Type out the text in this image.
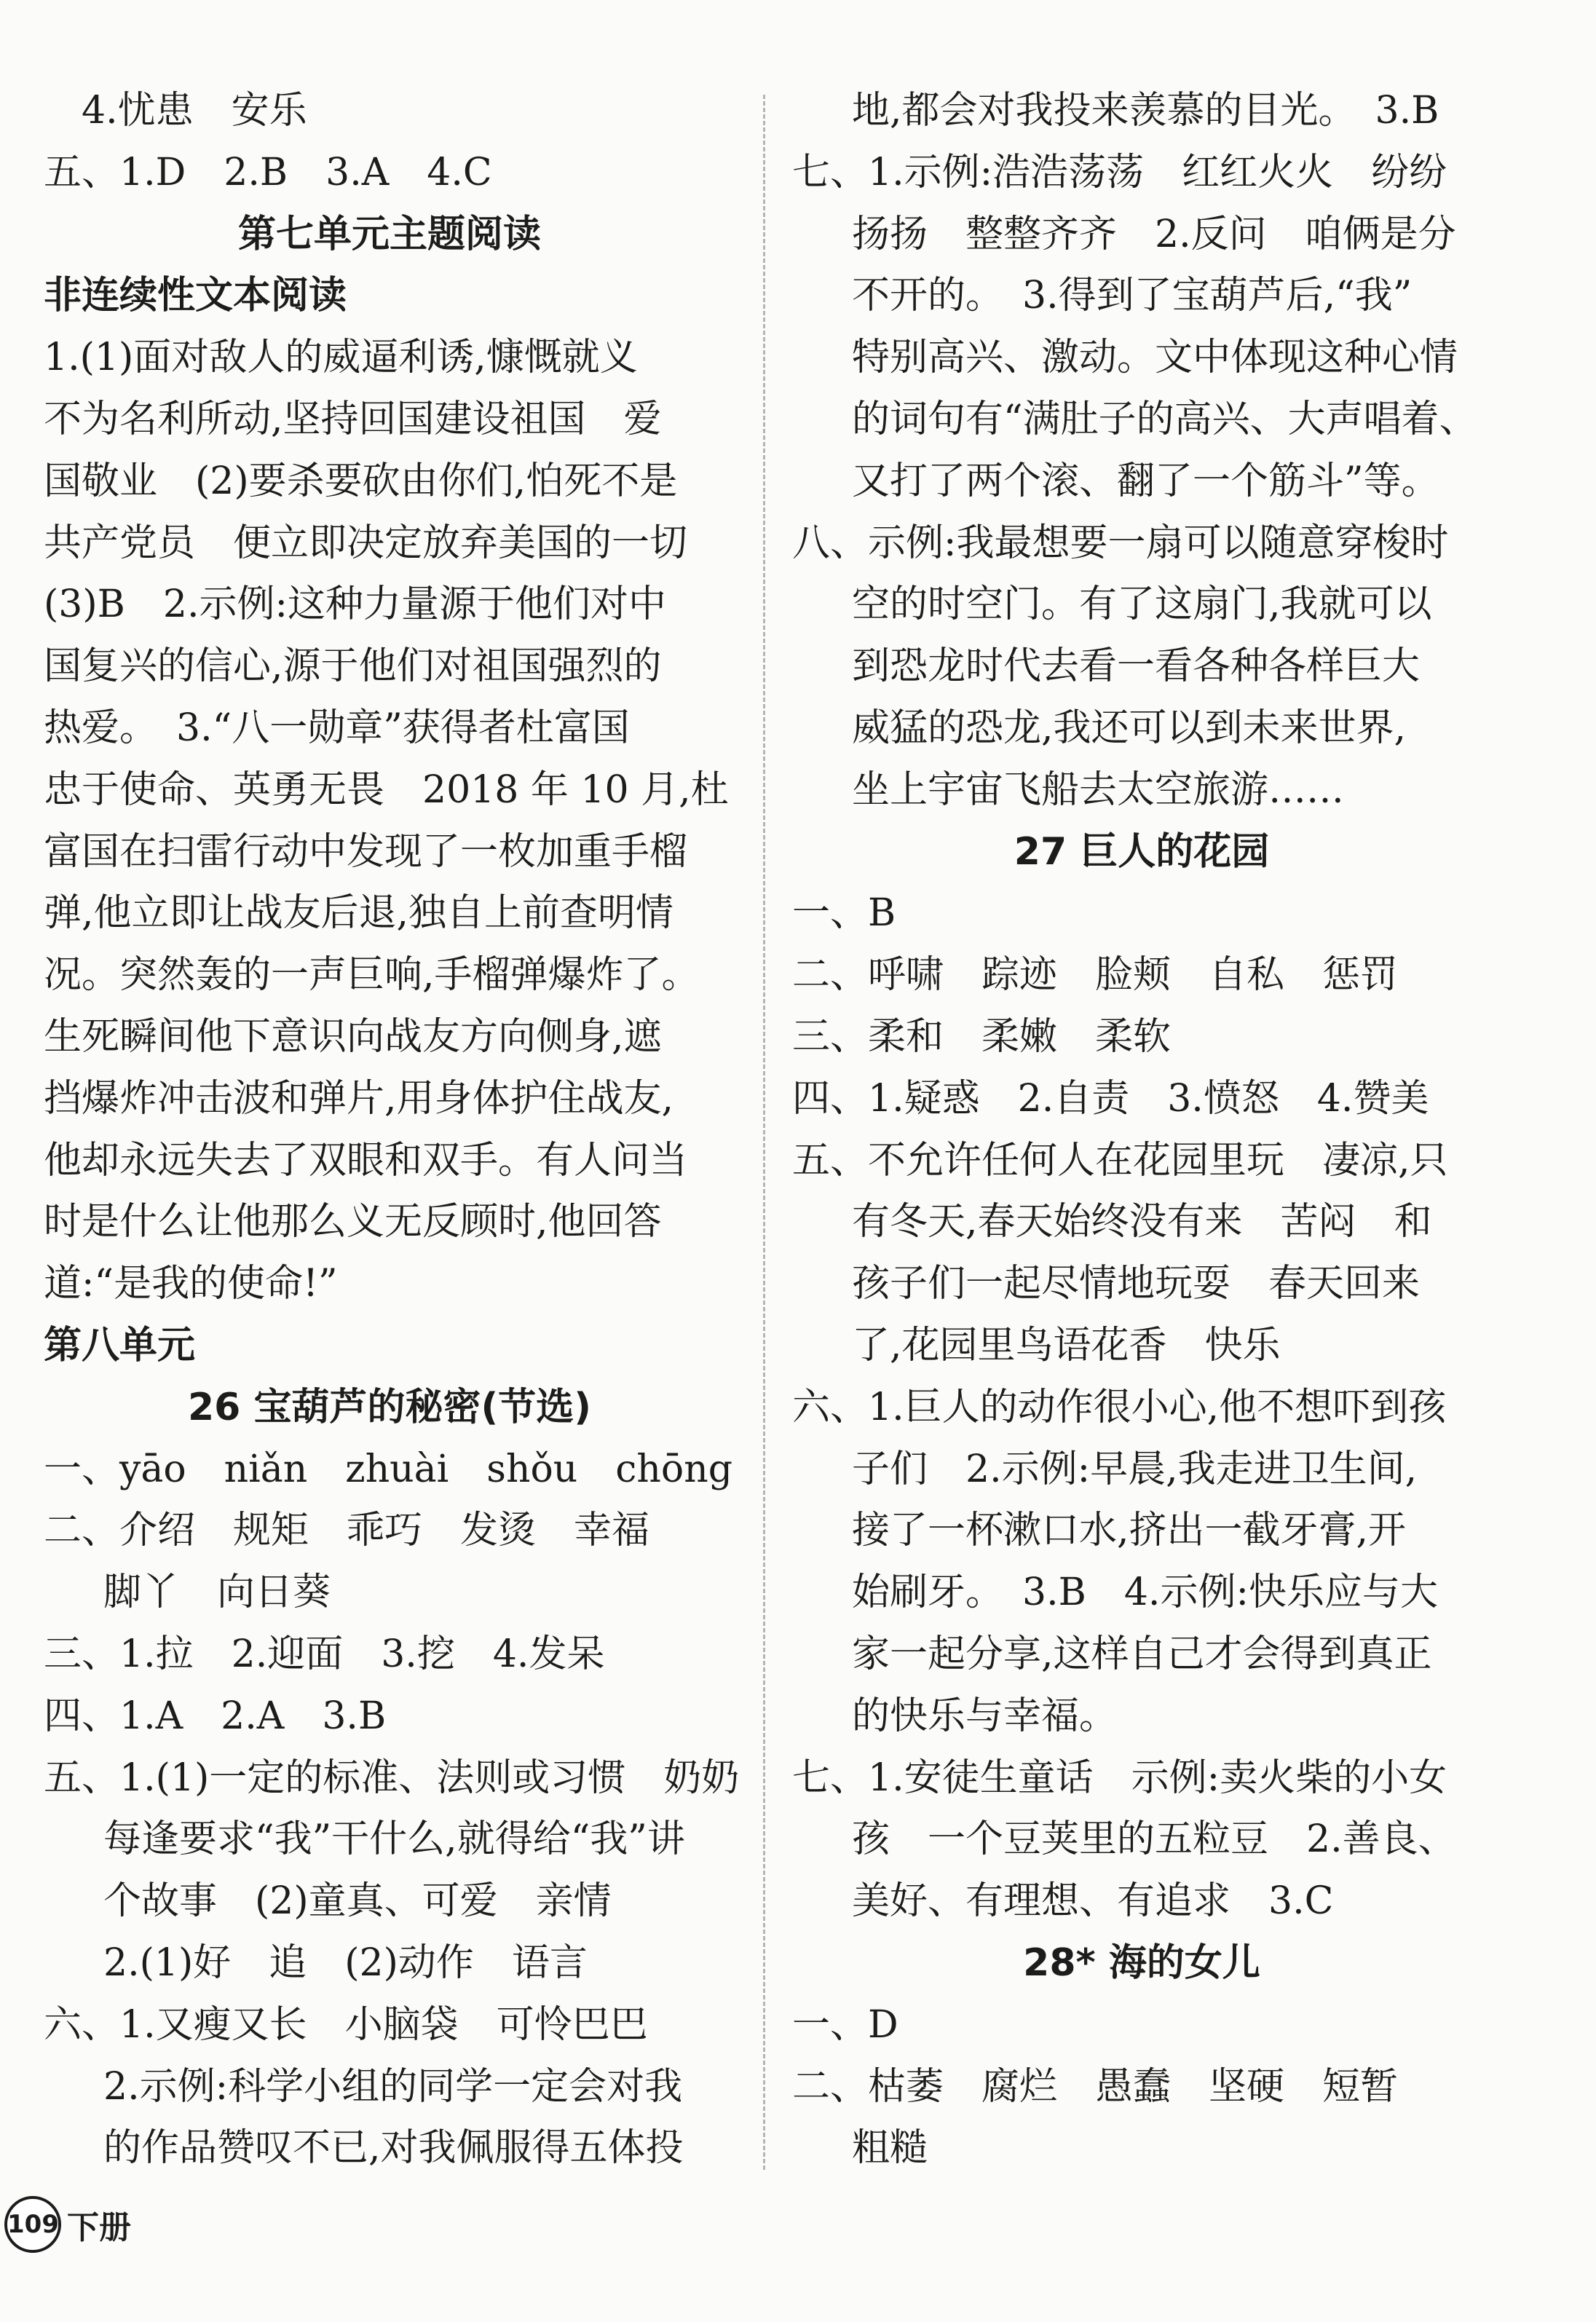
　4.忧患　安乐
五、1.D　2.B　3.A　4.C
第七单元主题阅读
非连续性文本阅读
1.(1)面对敌人的威逼利诱,慷慨就义
不为名利所动,坚持回国建设祖国　爱
国敬业　(2)要杀要砍由你们,怕死不是
共产党员　便立即决定放弃美国的一切
(3)B　2.示例:这种力量源于他们对中
国复兴的信心,源于他们对祖国强烈的
热爱。　3.“八一勋章”获得者杜富国
忠于使命、英勇无畏　2018 年 10 月,杜
富国在扫雷行动中发现了一枚加重手榴
弹,他立即让战友后退,独自上前查明情
况。突然轰的一声巨响,手榴弹爆炸了。
生死瞬间他下意识向战友方向侧身,遮
挡爆炸冲击波和弹片,用身体护住战友,
他却永远失去了双眼和双手。有人问当
时是什么让他那么义无反顾时,他回答
道:“是我的使命!”
第八单元
26 宝葫芦的秘密(节选)
一、yāo　niǎn　zhuài　shǒu　chōng
二、介绍　规矩　乖巧　发烫　幸福
脚丫　向日葵
三、1.拉　2.迎面　3.挖　4.发呆
四、1.A　2.A　3.B
五、1.(1)一定的标准、法则或习惯　奶奶
每逢要求“我”干什么,就得给“我”讲
个故事　(2)童真、可爱　亲情
2.(1)好　追　(2)动作　语言
六、1.又瘦又长　小脑袋　可怜巴巴
2.示例:科学小组的同学一定会对我
的作品赞叹不已,对我佩服得五体投
地,都会对我投来羡慕的目光。　3.B
七、1.示例:浩浩荡荡　红红火火　纷纷
扬扬　整整齐齐　2.反问　咱俩是分
不开的。　3.得到了宝葫芦后,“我”
特别高兴、激动。文中体现这种心情
的词句有“满肚子的高兴、大声唱着、
又打了两个滚、翻了一个筋斗”等。
八、示例:我最想要一扇可以随意穿梭时
空的时空门。有了这扇门,我就可以
到恐龙时代去看一看各种各样巨大
威猛的恐龙,我还可以到未来世界,
坐上宇宙飞船去太空旅游……
27 巨人的花园
一、B
二、呼啸　踪迹　脸颊　自私　惩罚
三、柔和　柔嫩　柔软
四、1.疑惑　2.自责　3.愤怒　4.赞美
五、不允许任何人在花园里玩　凄凉,只
有冬天,春天始终没有来　苦闷　和
孩子们一起尽情地玩耍　春天回来
了,花园里鸟语花香　快乐
六、1.巨人的动作很小心,他不想吓到孩
子们　2.示例:早晨,我走进卫生间,
接了一杯漱口水,挤出一截牙膏,开
始刷牙。　3.B　4.示例:快乐应与大
家一起分享,这样自己才会得到真正
的快乐与幸福。
七、1.安徒生童话　示例:卖火柴的小女
孩　一个豆荚里的五粒豆　2.善良、
美好、有理想、有追求　3.C
28* 海的女儿
一、D
二、枯萎　腐烂　愚蠢　坚硬　短暂
粗糙
109 下册
